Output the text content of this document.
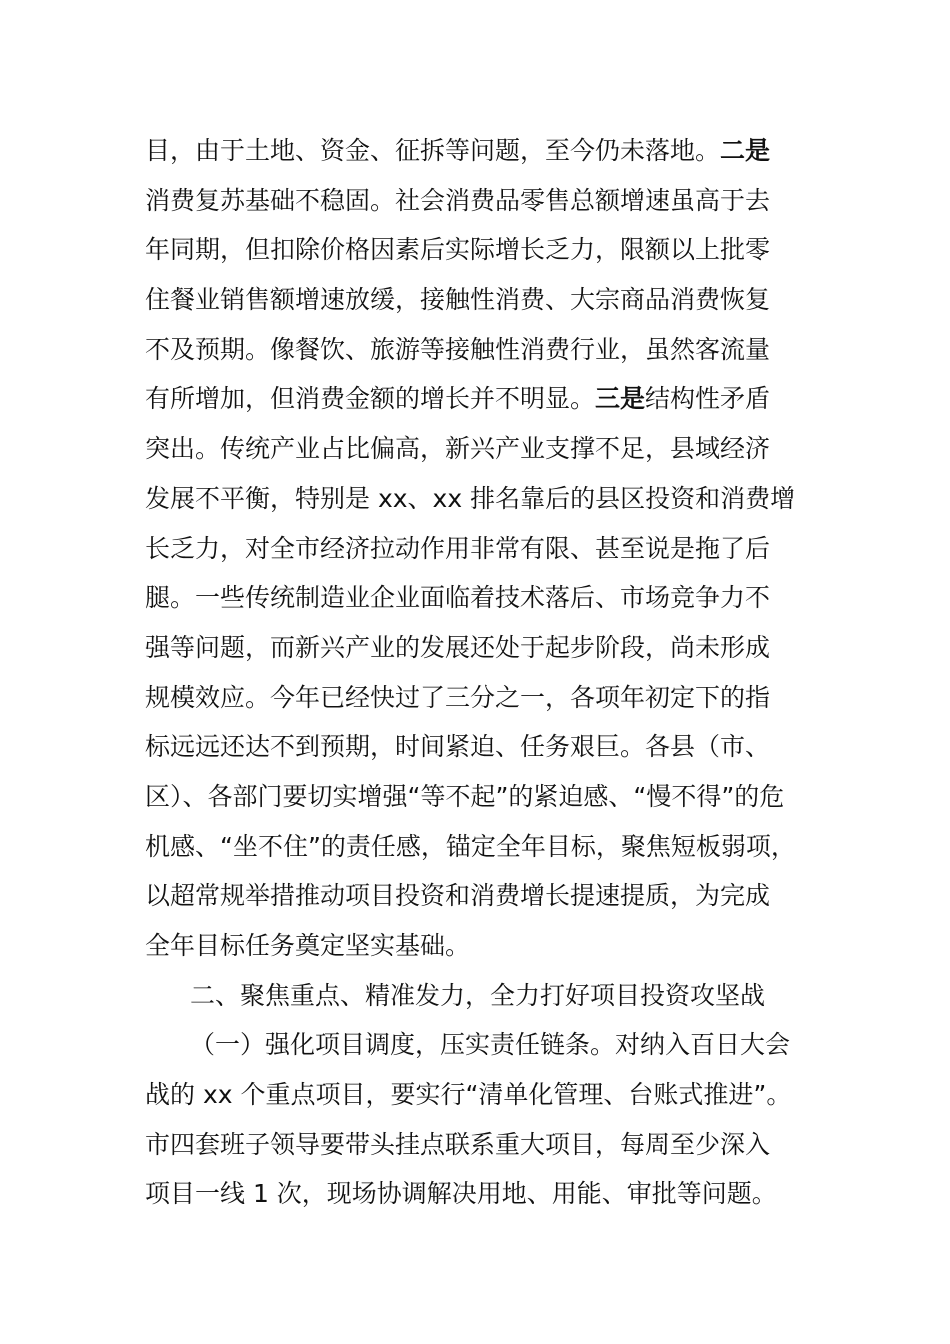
目，由于土地、资金、征拆等问题，至今仍未落地。二是
消费复苏基础不稳固。社会消费品零售总额增速虽高于去
年同期，但扣除价格因素后实际增长乏力，限额以上批零
住餐业销售额增速放缓，接触性消费、大宗商品消费恢复
不及预期。像餐饮、旅游等接触性消费行业，虽然客流量
有所增加，但消费金额的增长并不明显。三是结构性矛盾
突出。传统产业占比偏高，新兴产业支撑不足，县域经济
发展不平衡，特别是 xx、xx 排名靠后的县区投资和消费增
长乏力，对全市经济拉动作用非常有限、甚至说是拖了后
腿。一些传统制造业企业面临着技术落后、市场竞争力不
强等问题，而新兴产业的发展还处于起步阶段，尚未形成
规模效应。今年已经快过了三分之一，各项年初定下的指
标远远还达不到预期，时间紧迫、任务艰巨。各县（市、
区）、各部门要切实增强“等不起”的紧迫感、“慢不得”的危
机感、“坐不住”的责任感，锚定全年目标，聚焦短板弱项，
以超常规举措推动项目投资和消费增长提速提质，为完成
全年目标任务奠定坚实基础。
二、聚焦重点、精准发力，全力打好项目投资攻坚战
（一）强化项目调度，压实责任链条。对纳入百日大会
战的 xx 个重点项目，要实行“清单化管理、台账式推进”。
市四套班子领导要带头挂点联系重大项目，每周至少深入
项目一线 1 次，现场协调解决用地、用能、审批等问题。
